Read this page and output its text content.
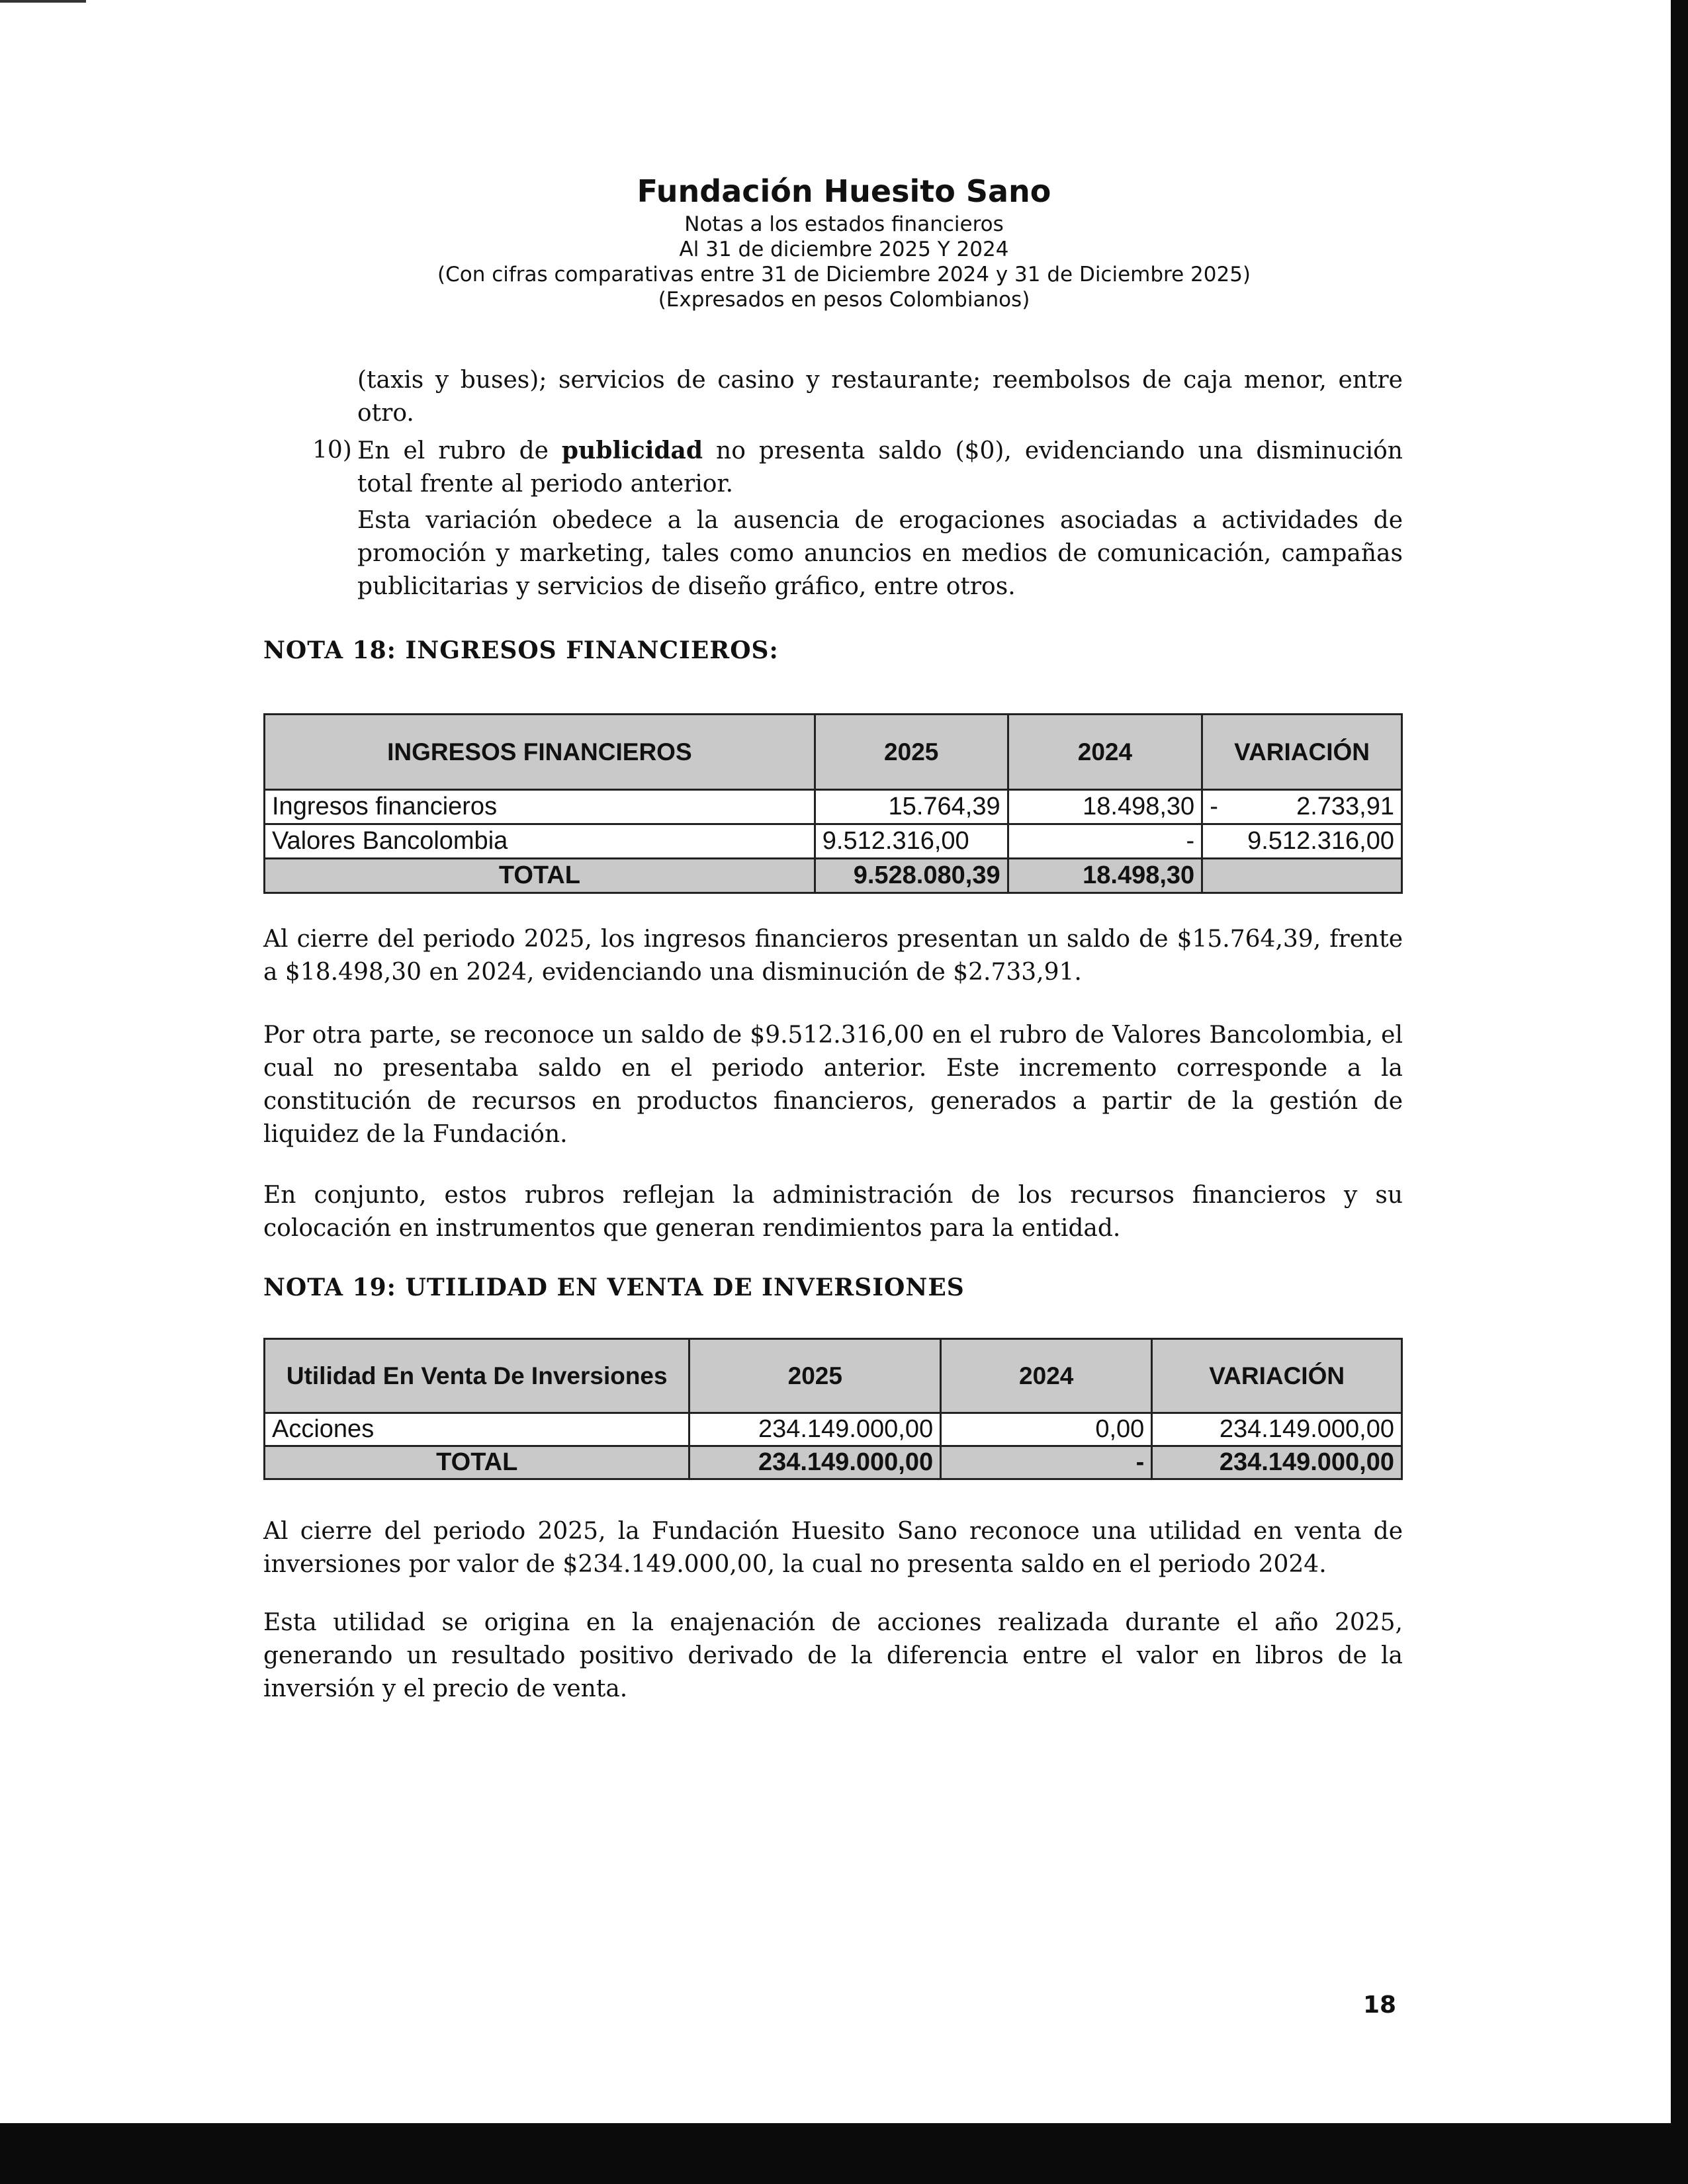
Fundación Huesito Sano
Notas a los estados financieros
Al 31 de diciembre 2025 Y 2024
(Con cifras comparativas entre 31 de Diciembre 2024 y 31 de Diciembre 2025)
(Expresados en pesos Colombianos)

(taxis y buses); servicios de casino y restaurante; reembolsos de caja menor, entre otro.

10) En el rubro de publicidad no presenta saldo ($0), evidenciando una disminución total frente al periodo anterior.

Esta variación obedece a la ausencia de erogaciones asociadas a actividades de promoción y marketing, tales como anuncios en medios de comunicación, campañas publicitarias y servicios de diseño gráfico, entre otros.

NOTA 18: INGRESOS FINANCIEROS:
INGRESOS FINANCIEROS	2025	2024	VARIACIÓN
Ingresos financieros	15.764,39	18.498,30	- 2.733,91

Valores Bancolombia	9.512.316,00	-	9.512.316,00
TOTAL	9.528.080,39	18.498,30	

Al cierre del periodo 2025, los ingresos financieros presentan un saldo de $15.764,39, frente a $18.498,30 en 2024, evidenciando una disminución de $2.733,91.

Por otra parte, se reconoce un saldo de $9.512.316,00 en el rubro de Valores Bancolombia, el cual no presentaba saldo en el periodo anterior. Este incremento corresponde a la constitución de recursos en productos financieros, generados a partir de la gestión de liquidez de la Fundación.

En conjunto, estos rubros reflejan la administración de los recursos financieros y su colocación en instrumentos que generan rendimientos para la entidad.

NOTA 19: UTILIDAD EN VENTA DE INVERSIONES
Utilidad En Venta De Inversiones	2025	2024	VARIACIÓN
Acciones	234.149.000,00	0,00	234.149.000,00
TOTAL	234.149.000,00	-	234.149.000,00

Al cierre del periodo 2025, la Fundación Huesito Sano reconoce una utilidad en venta de inversiones por valor de $234.149.000,00, la cual no presenta saldo en el periodo 2024.

Esta utilidad se origina en la enajenación de acciones realizada durante el año 2025, generando un resultado positivo derivado de la diferencia entre el valor en libros de la inversión y el precio de venta.

18
